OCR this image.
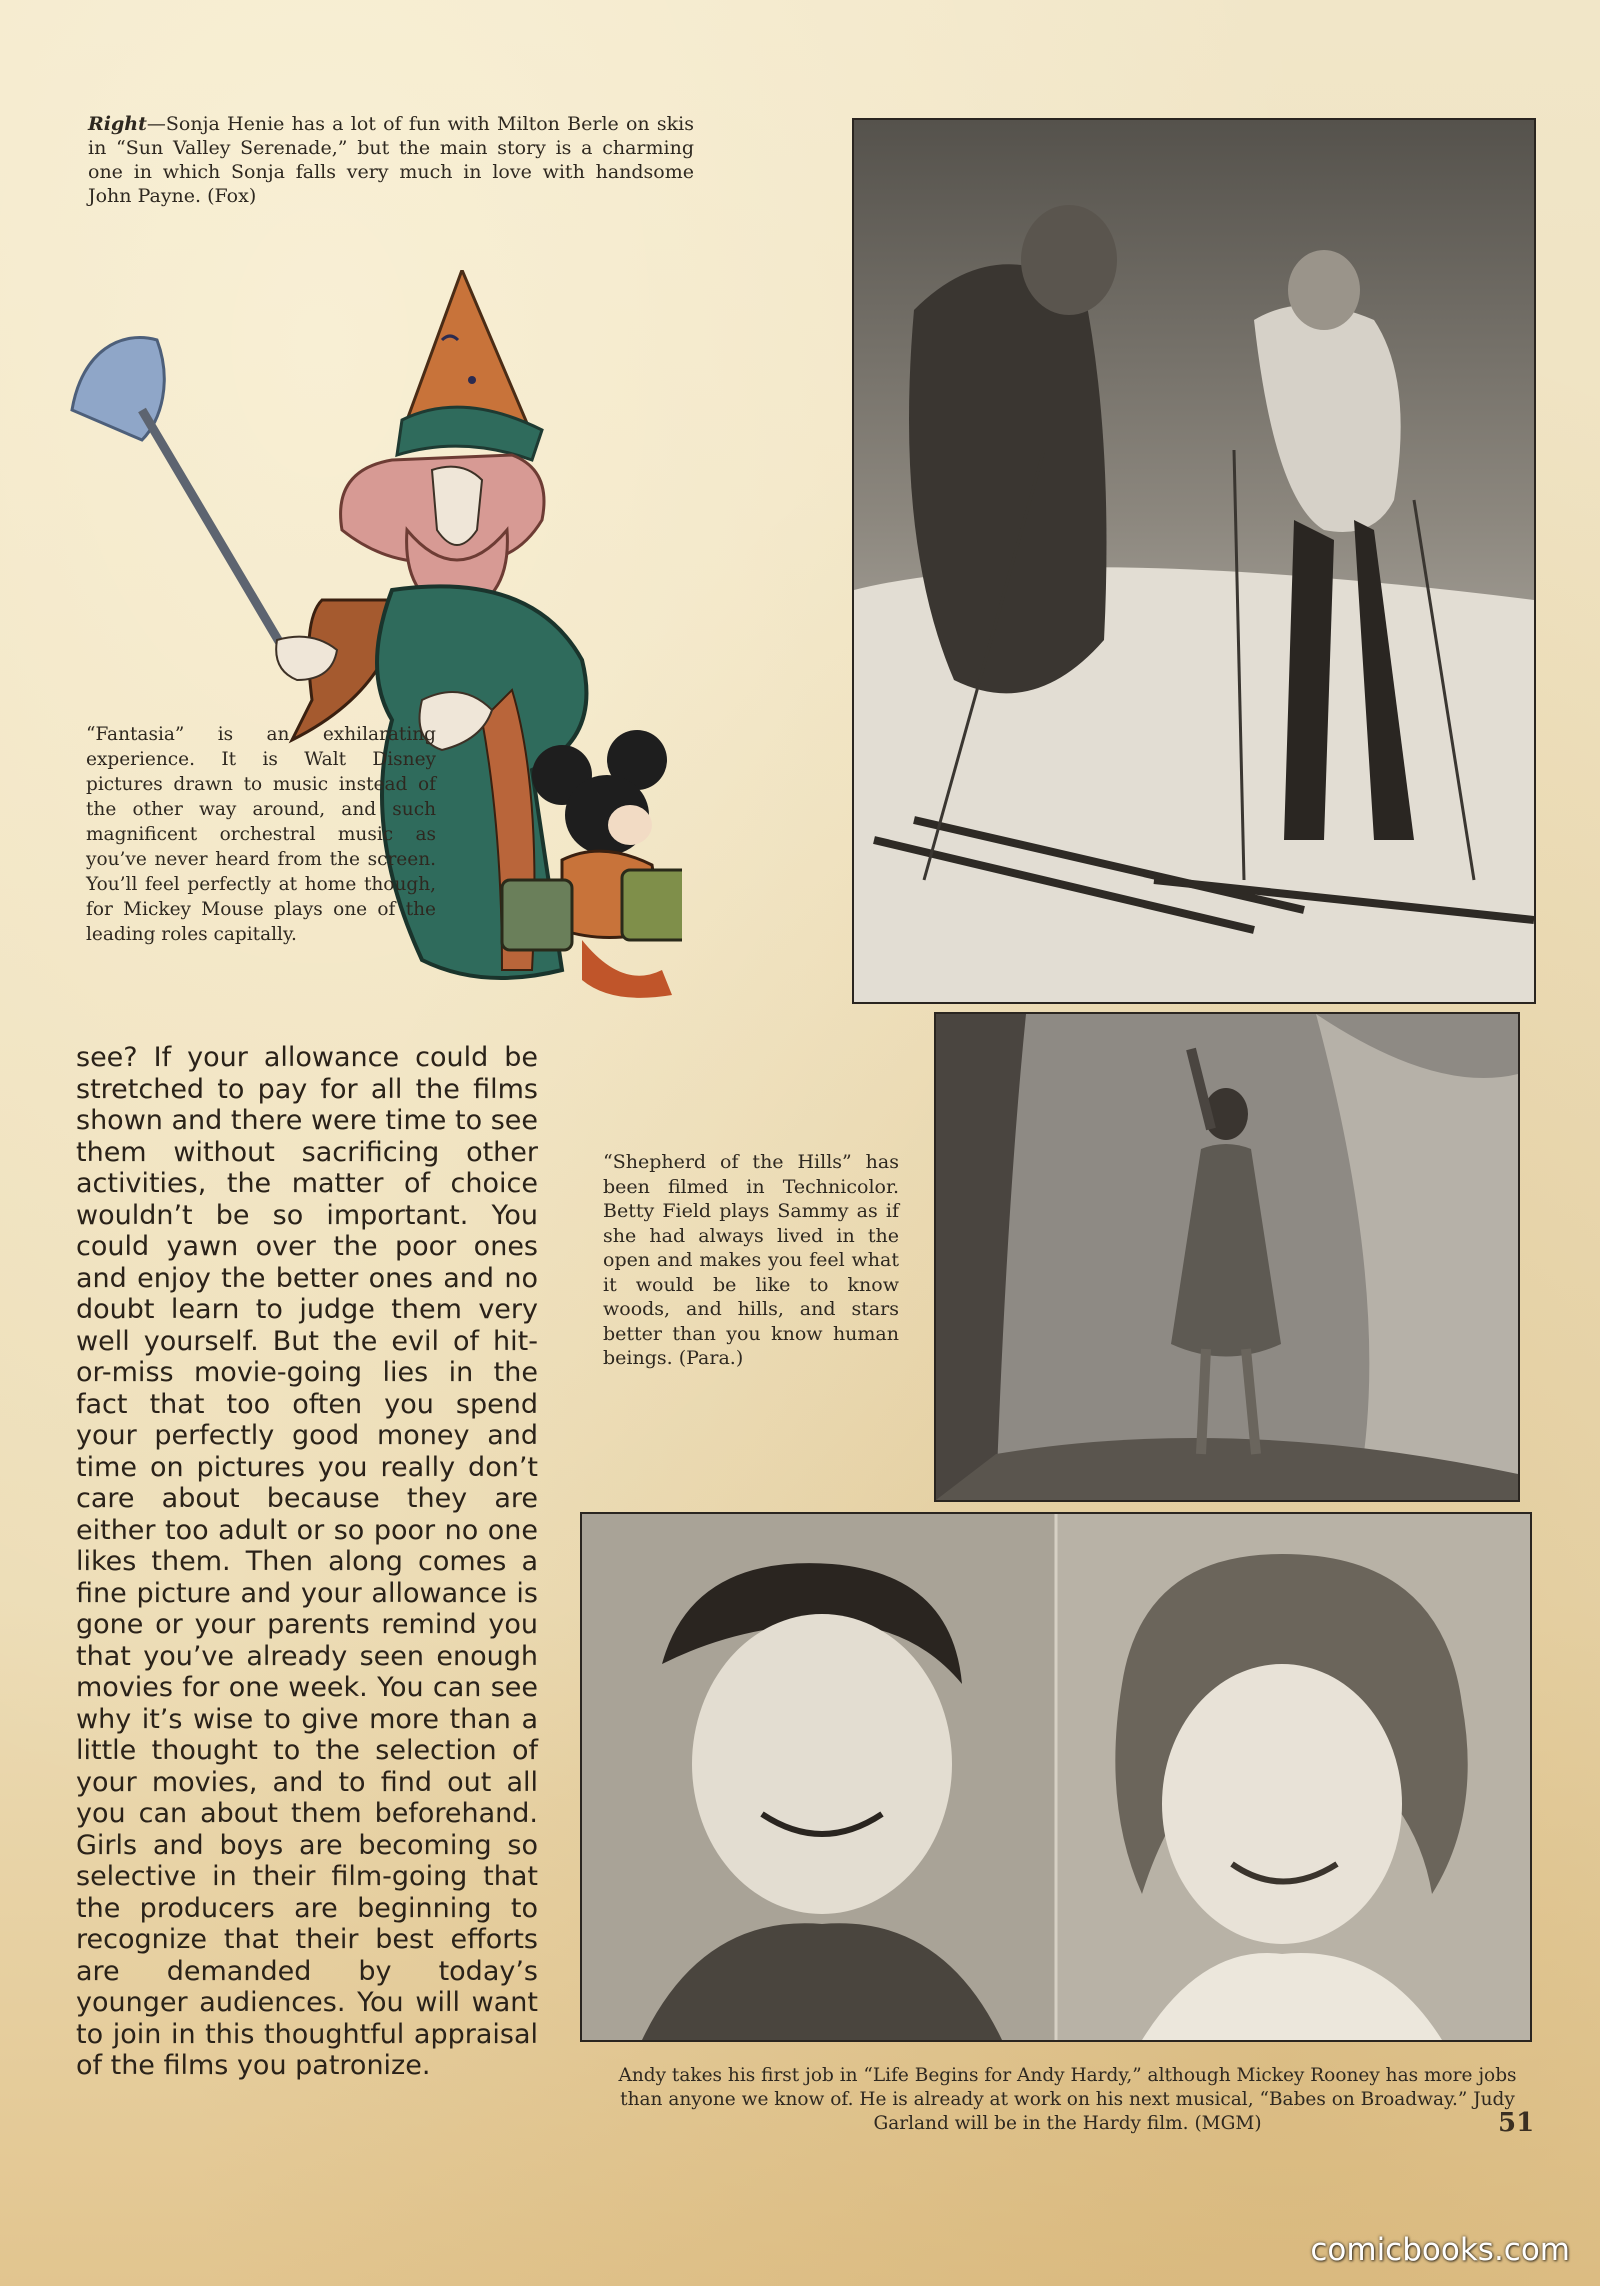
Right—Sonja Henie has a lot of fun with Milton Berle on skis in “Sun Valley Serenade,” but the main story is a charming one in which Sonja falls very much in love with handsome John Payne. (Fox)

“Fantasia” is an exhilarating experience. It is Walt Disney pictures drawn to music instead of the other way around, and such magnificent orchestral music as you’ve never heard from the screen. You’ll feel perfectly at home though, for Mickey Mouse plays one of the leading roles capitally.

“Shepherd of the Hills” has been filmed in Technicolor. Betty Field plays Sammy as if she had always lived in the open and makes you feel what it would be like to know woods, and hills, and stars better than you know human beings. (Para.)

Andy takes his first job in “Life Begins for Andy Hardy,” although Mickey Rooney has more jobs than anyone we know of. He is already at work on his next musical, “Babes on Broadway.” Judy Garland will be in the Hardy film. (MGM)

see? If your allowance could be stretched to pay for all the films shown and there were time to see them without sacrificing other activities, the matter of choice wouldn’t be so important. You could yawn over the poor ones and enjoy the better ones and no doubt learn to judge them very well yourself. But the evil of hit-or-miss movie-going lies in the fact that too often you spend your perfectly good money and time on pictures you really don’t care about because they are either too adult or so poor no one likes them. Then along comes a fine picture and your allowance is gone or your parents remind you that you’ve already seen enough movies for one week. You can see why it’s wise to give more than a little thought to the selection of your movies, and to find out all you can about them beforehand. Girls and boys are becoming so selective in their film-going that the producers are beginning to recognize that their best efforts are demanded by today’s younger audiences. You will want to join in this thoughtful appraisal of the films you patronize.
51
comicbooks.com
